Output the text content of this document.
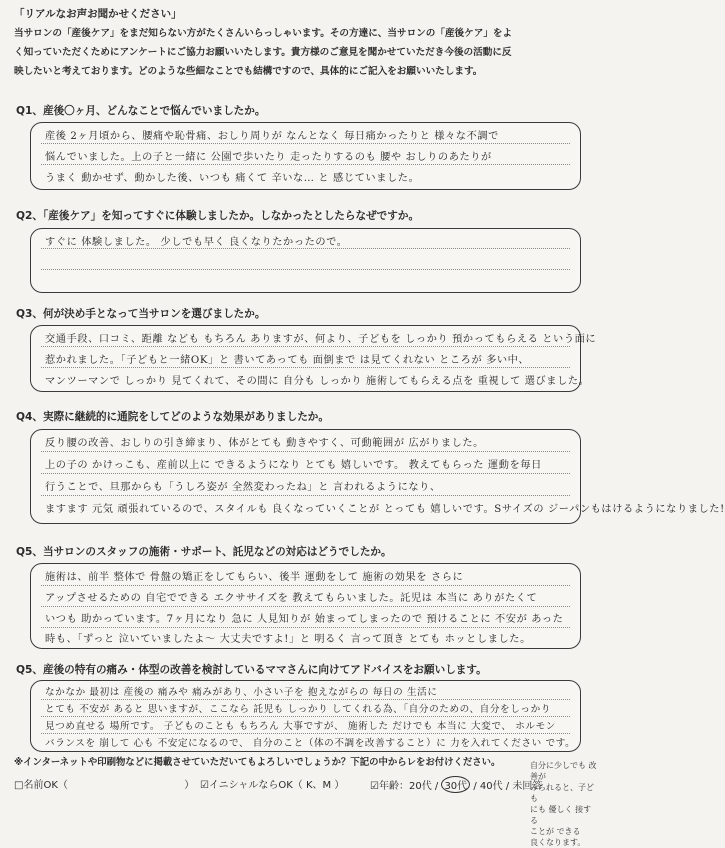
「リアルなお声お聞かせください」
当サロンの「産後ケア」をまだ知らない方がたくさんいらっしゃいます。その方達に、当サロンの「産後ケア」をよ
く知っていただくためにアンケートにご協力お願いいたします。貴方様のご意見を聞かせていただき今後の活動に反
映したいと考えております。どのような些細なことでも結構ですので、具体的にご記入をお願いいたします。
Q1、産後〇ヶ月、どんなことで悩んでいましたか。
産後 2ヶ月頃から、腰痛や恥骨痛、おしり周りが なんとなく 毎日痛かったりと 様々な不調で
悩んでいました。上の子と一緒に 公園で歩いたり 走ったりするのも 腰や おしりのあたりが
うまく 動かせず、動かした後、いつも 痛くて 辛いな… と 感じていました。
Q2、「産後ケア」を知ってすぐに体験しましたか。しなかったとしたらなぜですか。
すぐに 体験しました。 少しでも早く 良くなりたかったので。
Q3、何が決め手となって当サロンを選びましたか。
交通手段、口コミ、距離 なども もちろん ありますが、何より、子どもを しっかり 預かってもらえる という面に
惹かれました。「子どもと一緒OK」と 書いてあっても 面倒まで は見てくれない ところが 多い中、
マンツーマンで しっかり 見てくれて、その間に 自分も しっかり 施術してもらえる点を 重視して 選びました。
Q4、実際に継続的に通院をしてどのような効果がありましたか。
反り腰の改善、おしりの引き締まり、体がとても 動きやすく、可動範囲が 広がりました。
上の子の かけっこも、産前以上に できるようになり とても 嬉しいです。 教えてもらった 運動を毎日
行うことで、旦那からも「うしろ姿が 全然変わったね」と 言われるようになり、
ますます 元気 頑張れているので、スタイルも 良くなっていくことが とっても 嬉しいです。Sサイズの ジーパンもはけるようになりました!
Q5、当サロンのスタッフの施術・サポート、託児などの対応はどうでしたか。
施術は、前半 整体で 骨盤の矯正をしてもらい、後半 運動をして 施術の効果を さらに
アップさせるための 自宅でできる エクササイズを 教えてもらいました。託児は 本当に ありがたくて
いつも 助かっています。7ヶ月になり 急に 人見知りが 始まってしまったので 預けることに 不安が あった
時も、「ずっと 泣いていましたよ～ 大丈夫ですよ!」と 明るく 言って頂き とても ホッとしました。
Q5、産後の特有の痛み・体型の改善を検討しているママさんに向けてアドバイスをお願いします。
なかなか 最初は 産後の 痛みや 痛みがあり、小さい子を 抱えながらの 毎日の 生活に
とても 不安が あると 思いますが、ここなら 託児も しっかり してくれる為、「自分のための、自分をしっかり
見つめ直せる 場所です。 子どものことも もちろん 大事ですが、 施術した だけでも 本当に 大変で、 ホルモン
バランスを 崩して 心も 不安定になるので、 自分のこと（体の不調を改善すること）に 力を入れてください です。
※インターネットや印刷物などに掲載させていただいてもよろしいでしょうか？下記の中からレをお付けください。	自分に少しでも 改善が
みられると、子ども
にも 優しく 接する
ことが できる
良くなります。
□名前OK（	） ☑イニシャルならOK（ K、M ）	☑年齢：20代 / 30代 / 40代 / 未回答
